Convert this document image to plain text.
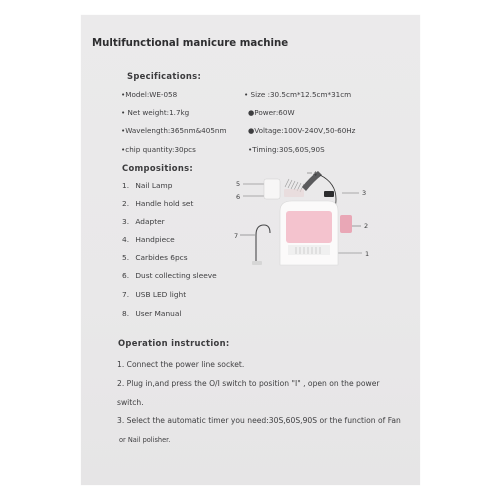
Multifunctional manicure machine
Specifications:
•Model:WE-058
• Net weight:1.7kg
•Wavelength:365nm&405nm
•chip quantity:30pcs
• Size :30.5cm*12.5cm*31cm
●Power:60W
●Voltage:100V-240V,50-60Hz
•Timing:30S,60S,90S
Compositions:
1. Nail Lamp
2. Handle hold set
3. Adapter
4. Handpiece
5. Carbides 6pcs
6. Dust collecting sleeve
7. USB LED light
8. User Manual
5
6
7
4
3
2
1
Operation instruction:
1. Connect the power line socket.
2. Plug in,and press the O/I switch to position "I" , open on the power
switch.
3. Select the automatic timer you need:30S,60S,90S or the function of Fan
or Nail polisher.
